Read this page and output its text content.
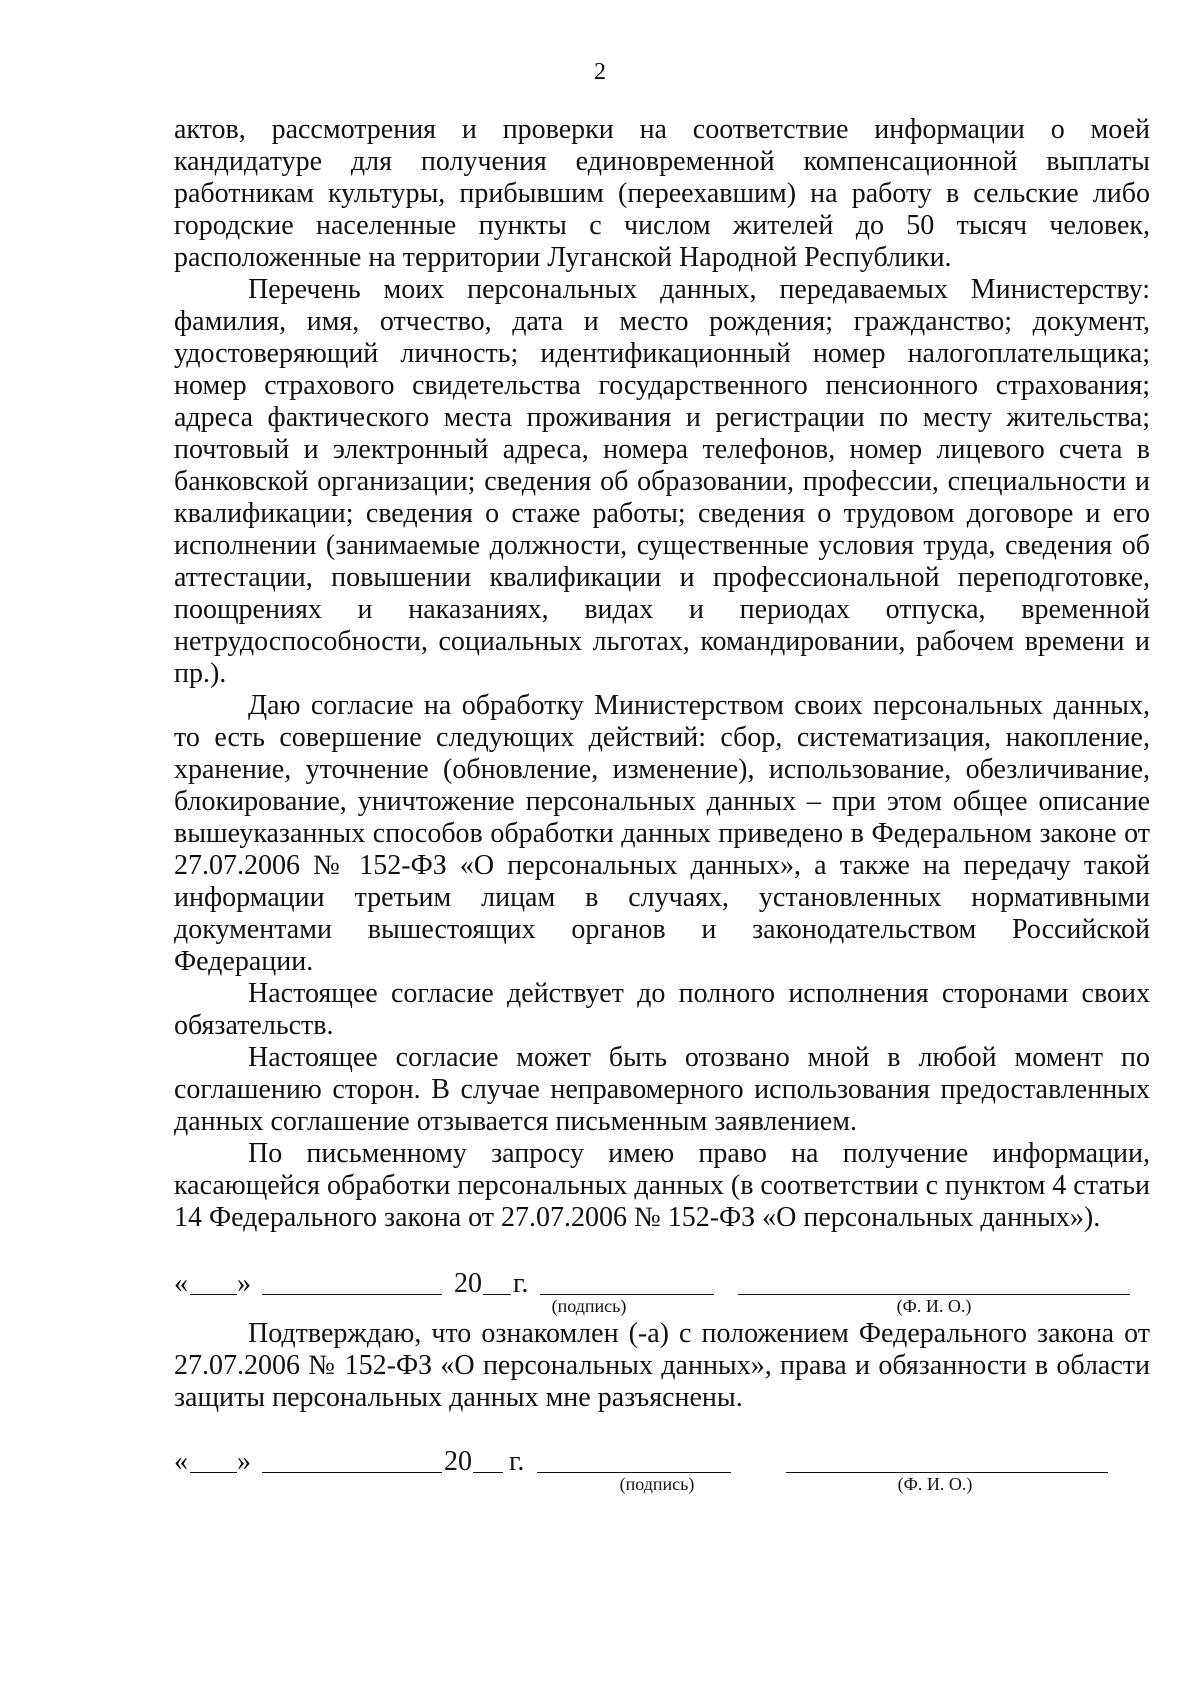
2

актов, рассмотрения и проверки на соответствие информации о моей кандидатуре для получения единовременной компенсационной выплаты работникам культуры, прибывшим (переехавшим) на работу в сельские либо городские населенные пункты с числом жителей до 50 тысяч человек, расположенные на территории Луганской Народной Республики.

Перечень моих персональных данных, передаваемых Министерству: фамилия, имя, отчество, дата и место рождения; гражданство; документ, удостоверяющий личность; идентификационный номер налогоплательщика; номер страхового свидетельства государственного пенсионного страхования; адреса фактического места проживания и регистрации по месту жительства; почтовый и электронный адреса, номера телефонов, номер лицевого счета в банковской организации; сведения об образовании, профессии, специальности и квалификации; сведения о стаже работы; сведения о трудовом договоре и его исполнении (занимаемые должности, существенные условия труда, сведения об аттестации, повышении квалификации и профессиональной переподготовке, поощрениях и наказаниях, видах и периодах отпуска, временной нетрудоспособности, социальных льготах, командировании, рабочем времени и пр.).

Даю согласие на обработку Министерством своих персональных данных, то есть совершение следующих действий: сбор, систематизация, накопление, хранение, уточнение (обновление, изменение), использование, обезличивание, блокирование, уничтожение персональных данных – при этом общее описание вышеуказанных способов обработки данных приведено в Федеральном законе от 27.07.2006 № 152-ФЗ «О персональных данных», а также на передачу такой информации третьим лицам в случаях, установленных нормативными документами вышестоящих органов и законодательством Российской Федерации.

Настоящее согласие действует до полного исполнения сторонами своих обязательств.

Настоящее согласие может быть отозвано мной в любой момент по соглашению сторон. В случае неправомерного использования предоставленных данных соглашение отзывается письменным заявлением.

По письменному запросу имею право на получение информации, касающейся обработки персональных данных (в соответствии с пунктом 4 статьи 14 Федерального закона от 27.07.2006 № 152-ФЗ «О персональных данных»).

« »	20 г.
(подпись)	(Ф. И. О.)

Подтверждаю, что ознакомлен (-а) с положением Федерального закона от 27.07.2006 № 152-ФЗ «О персональных данных», права и обязанности в области защиты персональных данных мне разъяснены.

« »	20 г.
(подпись)	(Ф. И. О.)
